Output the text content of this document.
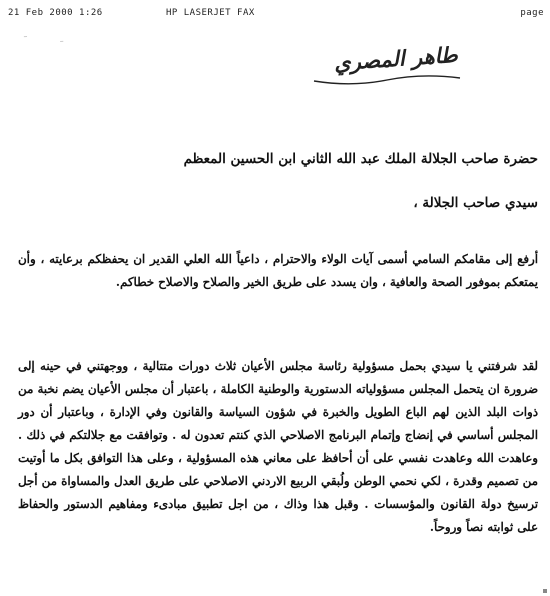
21 Feb 2000 1:26	HP LASERJET FAX	page
ـ	ـ
طاهر المصري

حضرة صاحب الجلالة الملك عبد الله الثاني ابن الحسين المعظم

سيدي صاحب الجلالة ،

أرفع إلى مقامكم السامي أسمى آيات الولاء والاحترام ، داعياً الله العلي القدير ان يحفظكم برعايته ، وأن يمتعكم بموفور الصحة والعافية ، وان يسدد على طريق الخير والصلاح والاصلاح خطاكم.

لقد شرفتني يا سيدي بحمل مسؤولية رئاسة مجلس الأعيان ثلاث دورات متتالية ، ووجهتني في حينه إلى ضرورة ان يتحمل المجلس مسؤولياته الدستورية والوطنية الكاملة ، باعتبار أن مجلس الأعيان يضم نخبة من ذوات البلد الذين لهم الباع الطويل والخبرة في شؤون السياسة والقانون وفي الإدارة ، وباعتبار أن دور المجلس أساسي في إنضاج وإتمام البرنامج الاصلاحي الذي كنتم تعدون له . وتوافقت مع جلالتكم في ذلك . وعاهدت الله وعاهدت نفسي على أن أحافظ على معاني هذه المسؤولية ، وعلى هذا التوافق بكل ما أوتيت من تصميم وقدرة ، لكي نحمي الوطن ولُبقي الربيع الاردني الاصلاحي على طريق العدل والمساواة من أجل ترسيخ دولة القانون والمؤسسات . وقبل هذا وذاك ، من اجل تطبيق مبادىء ومفاهيم الدستور والحفاظ على ثوابته نصاً وروحاً.
